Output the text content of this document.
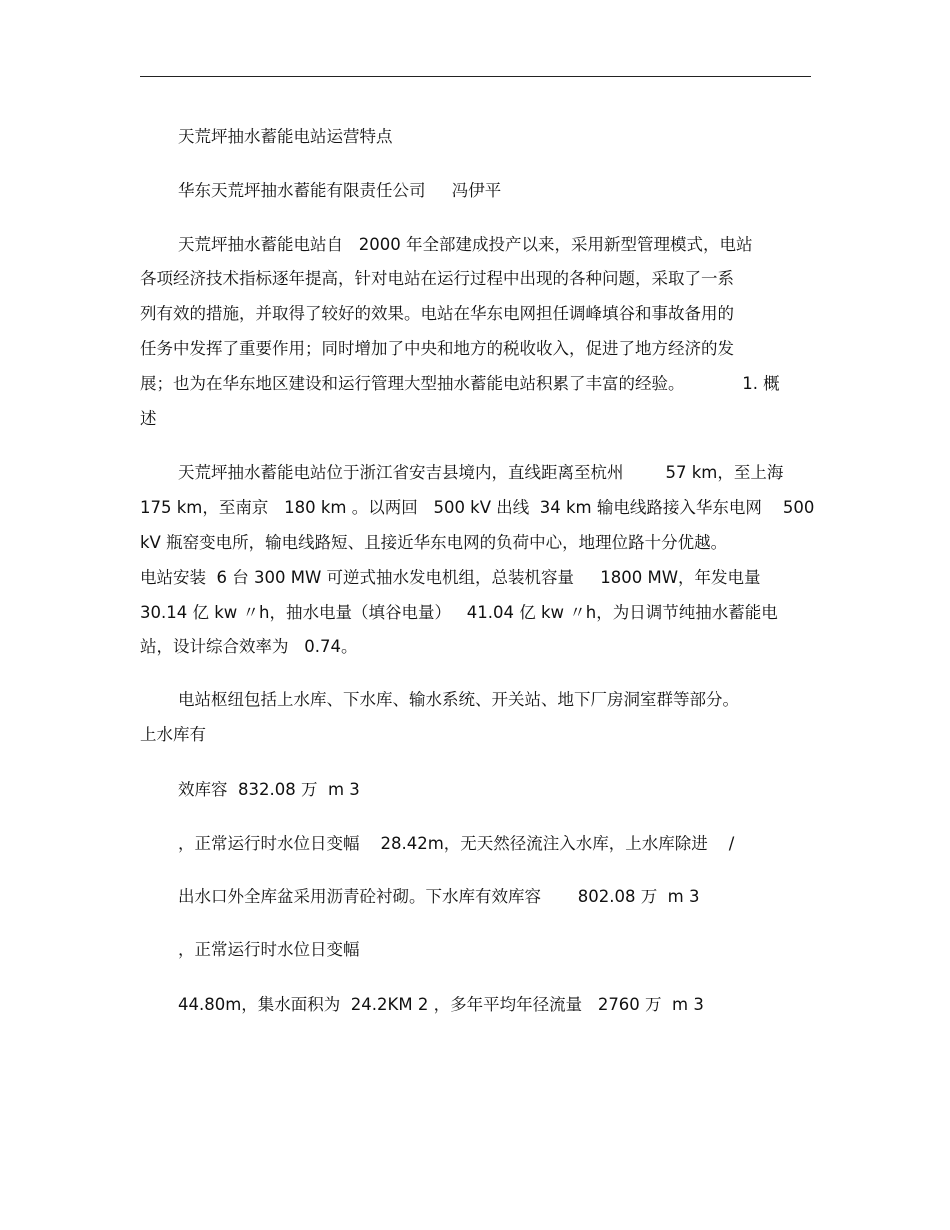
天荒坪抽水蓄能电站运营特点
华东天荒坪抽水蓄能有限责任公司     冯伊平
天荒坪抽水蓄能电站自   2000 年全部建成投产以来，采用新型管理模式，电站
各项经济技术指标逐年提高，针对电站在运行过程中出现的各种问题，采取了一系
列有效的措施，并取得了较好的效果。电站在华东电网担任调峰填谷和事故备用的
任务中发挥了重要作用；同时增加了中央和地方的税收收入，促进了地方经济的发
展；也为在华东地区建设和运行管理大型抽水蓄能电站积累了丰富的经验。           1. 概
述
天荒坪抽水蓄能电站位于浙江省安吉县境内，直线距离至杭州        57 km，至上海
175 km，至南京   180 km 。以两回   500 kV 出线  34 km 输电线路接入华东电网    500
kV 瓶窑变电所，输电线路短、且接近华东电网的负荷中心，地理位路十分优越。
电站安装  6 台 300 MW 可逆式抽水发电机组，总装机容量     1800 MW，年发电量
30.14 亿 kw 〃h，抽水电量（填谷电量）   41.04 亿 kw 〃h，为日调节纯抽水蓄能电
站，设计综合效率为   0.74。
电站枢纽包括上水库、下水库、输水系统、开关站、地下厂房洞室群等部分。
上水库有
效库容  832.08 万  m 3
，正常运行时水位日变幅    28.42m，无天然径流注入水库，上水库除进    /
出水口外全库盆采用沥青砼衬砌。下水库有效库容       802.08 万  m 3
，正常运行时水位日变幅
44.80m，集水面积为  24.2KM 2 ，多年平均年径流量   2760 万  m 3
